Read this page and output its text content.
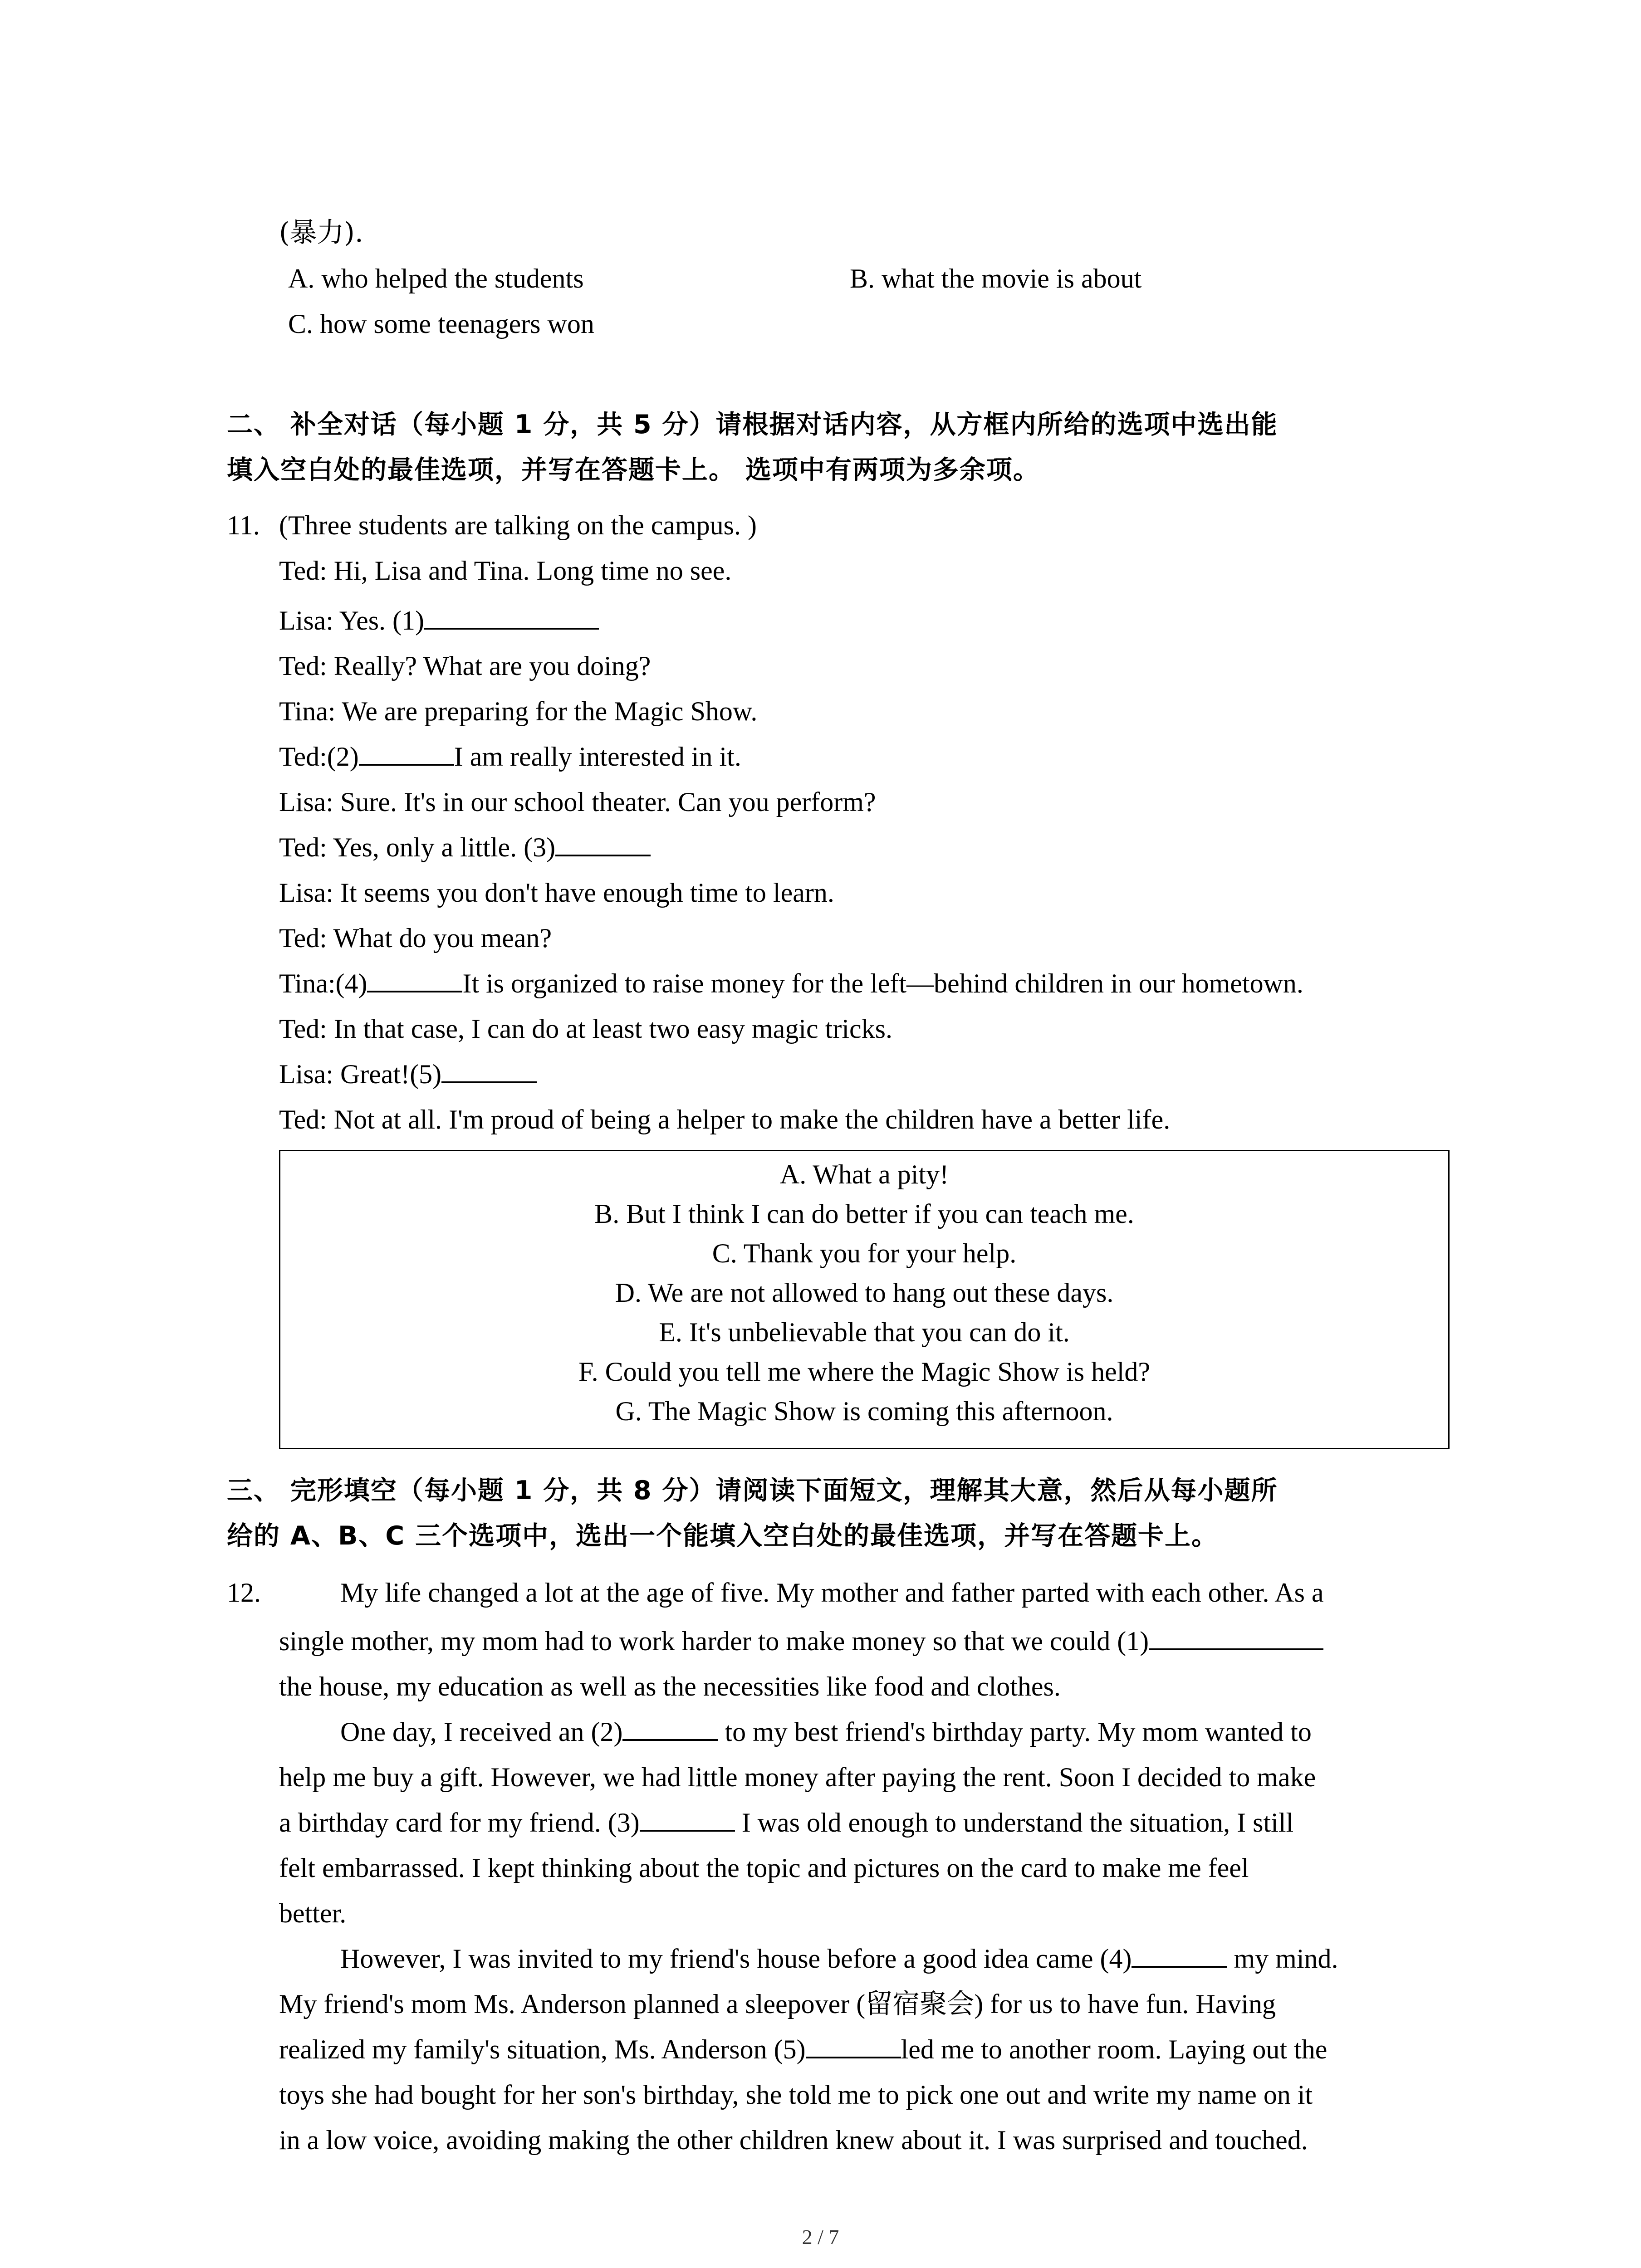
(暴力).
A. who helped the students	B. what the movie is about
C. how some teenagers won
二、 补全对话（每小题 1 分，共 5 分）请根据对话内容，从方框内所给的选项中选出能
填入空白处的最佳选项，并写在答题卡上。 选项中有两项为多余项。
11. (Three students are talking on the campus. )
Ted: Hi, Lisa and Tina. Long time no see.
Lisa: Yes. (1)
Ted: Really? What are you doing?
Tina: We are preparing for the Magic Show.
Ted:(2)	I am really interested in it.
Lisa: Sure. It's in our school theater. Can you perform?
Ted: Yes, only a little. (3)
Lisa: It seems you don't have enough time to learn.
Ted: What do you mean?
Tina:(4)	It is organized to raise money for the left—behind children in our hometown.
Ted: In that case, I can do at least two easy magic tricks.
Lisa: Great!(5)
Ted: Not at all. I'm proud of being a helper to make the children have a better life.
A. What a pity!
B. But I think I can do better if you can teach me.
C. Thank you for your help.
D. We are not allowed to hang out these days.
E. It's unbelievable that you can do it.
F. Could you tell me where the Magic Show is held?
G. The Magic Show is coming this afternoon.
三、 完形填空（每小题 1 分，共 8 分）请阅读下面短文，理解其大意，然后从每小题所
给的 A、B、C 三个选项中，选出一个能填入空白处的最佳选项，并写在答题卡上。
12.	My life changed a lot at the age of five. My mother and father parted with each other. As a
single mother, my mom had to work harder to make money so that we could (1)
the house, my education as well as the necessities like food and clothes.
One day, I received an (2)	to my best friend's birthday party. My mom wanted to
help me buy a gift. However, we had little money after paying the rent. Soon I decided to make
a birthday card for my friend. (3)	I was old enough to understand the situation, I still
felt embarrassed. I kept thinking about the topic and pictures on the card to make me feel
better.
However, I was invited to my friend's house before a good idea came (4)	my mind.
My friend's mom Ms. Anderson planned a sleepover (留宿聚会) for us to have fun. Having
realized my family's situation, Ms. Anderson (5)	led me to another room. Laying out the
toys she had bought for her son's birthday, she told me to pick one out and write my name on it
in a low voice, avoiding making the other children knew about it. I was surprised and touched.
2 / 7
